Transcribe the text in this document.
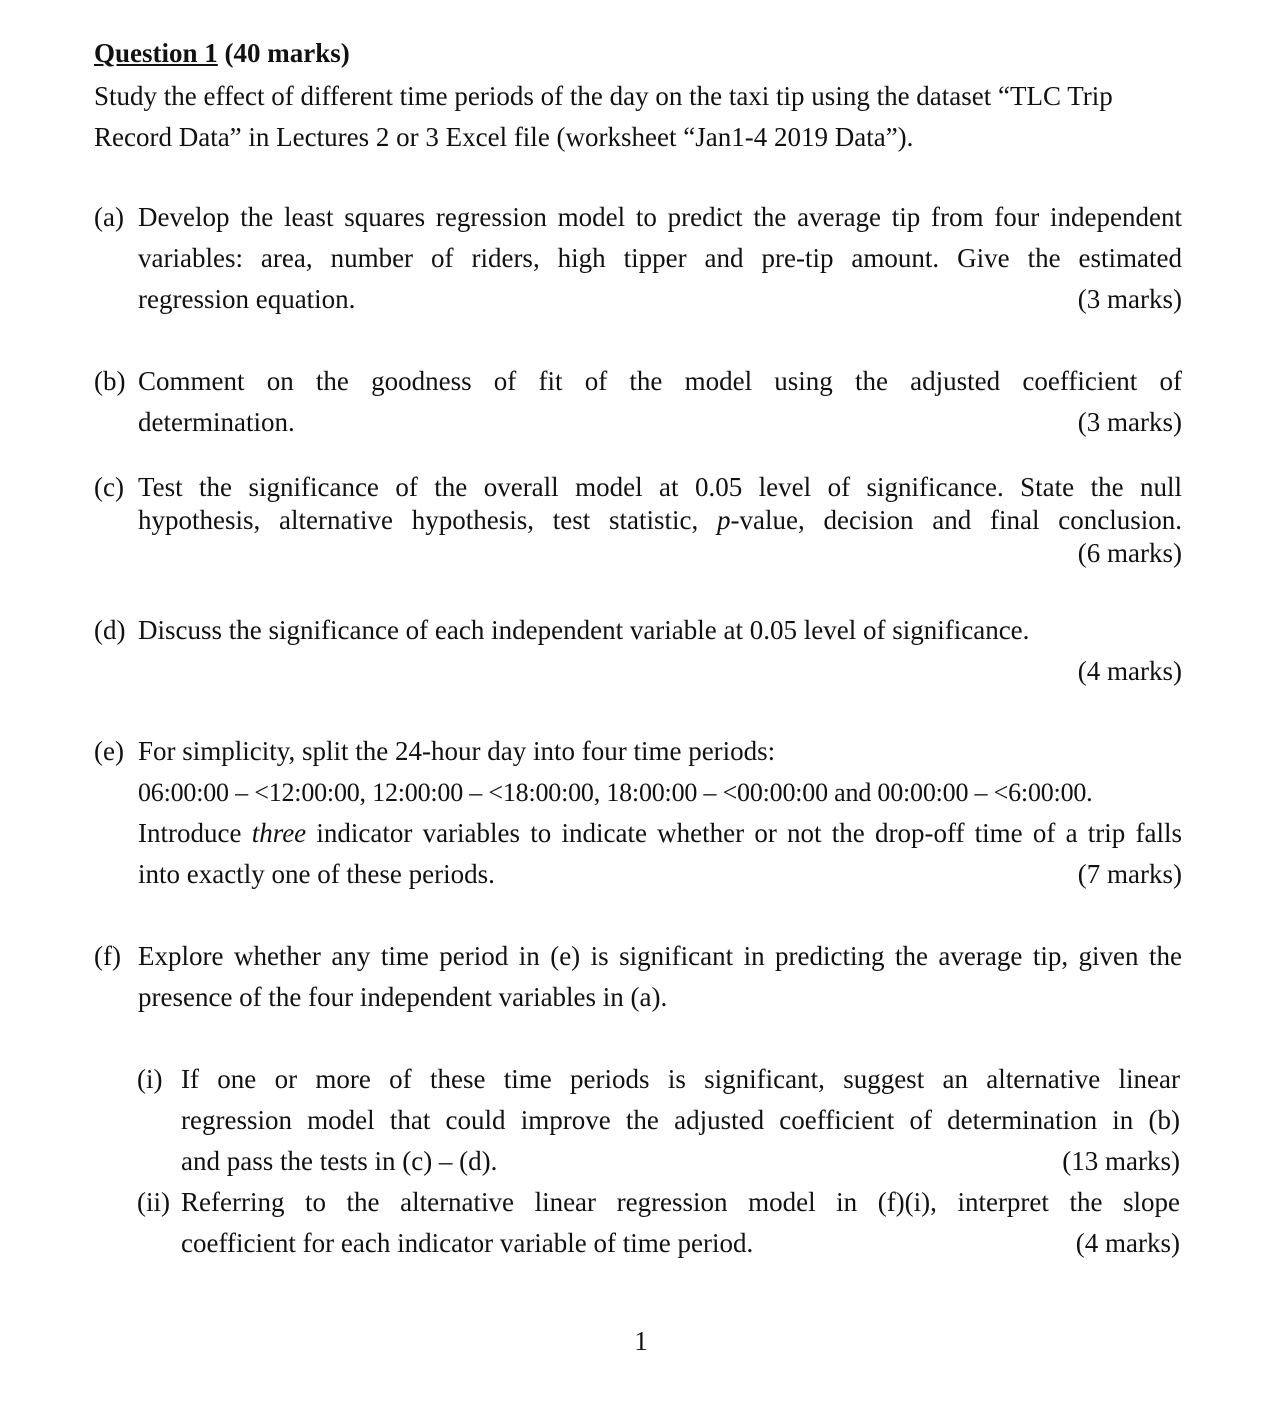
Question 1 (40 marks)
Study the effect of different time periods of the day on the taxi tip using the dataset “TLC Trip
Record Data” in Lectures 2 or 3 Excel file (worksheet “Jan1-4 2019 Data”).
(a) Develop the least squares regression model to predict the average tip from four independent
variables: area, number of riders, high tipper and pre-tip amount. Give the estimated
regression equation.	(3 marks)
(b) Comment on the goodness of fit of the model using the adjusted coefficient of
determination.	(3 marks)
(c) Test the significance of the overall model at 0.05 level of significance. State the null
hypothesis, alternative hypothesis, test statistic, p-value, decision and final conclusion.
(6 marks)
(d) Discuss the significance of each independent variable at 0.05 level of significance.
(4 marks)
(e) For simplicity, split the 24-hour day into four time periods:
06:00:00 – <12:00:00, 12:00:00 – <18:00:00, 18:00:00 – <00:00:00 and 00:00:00 – <6:00:00.
Introduce three indicator variables to indicate whether or not the drop-off time of a trip falls
into exactly one of these periods.	(7 marks)
(f) Explore whether any time period in (e) is significant in predicting the average tip, given the
presence of the four independent variables in (a).
(i) If one or more of these time periods is significant, suggest an alternative linear
regression model that could improve the adjusted coefficient of determination in (b)
and pass the tests in (c) – (d).	(13 marks)
(ii) Referring to the alternative linear regression model in (f)(i), interpret the slope
coefficient for each indicator variable of time period.	(4 marks)
1
